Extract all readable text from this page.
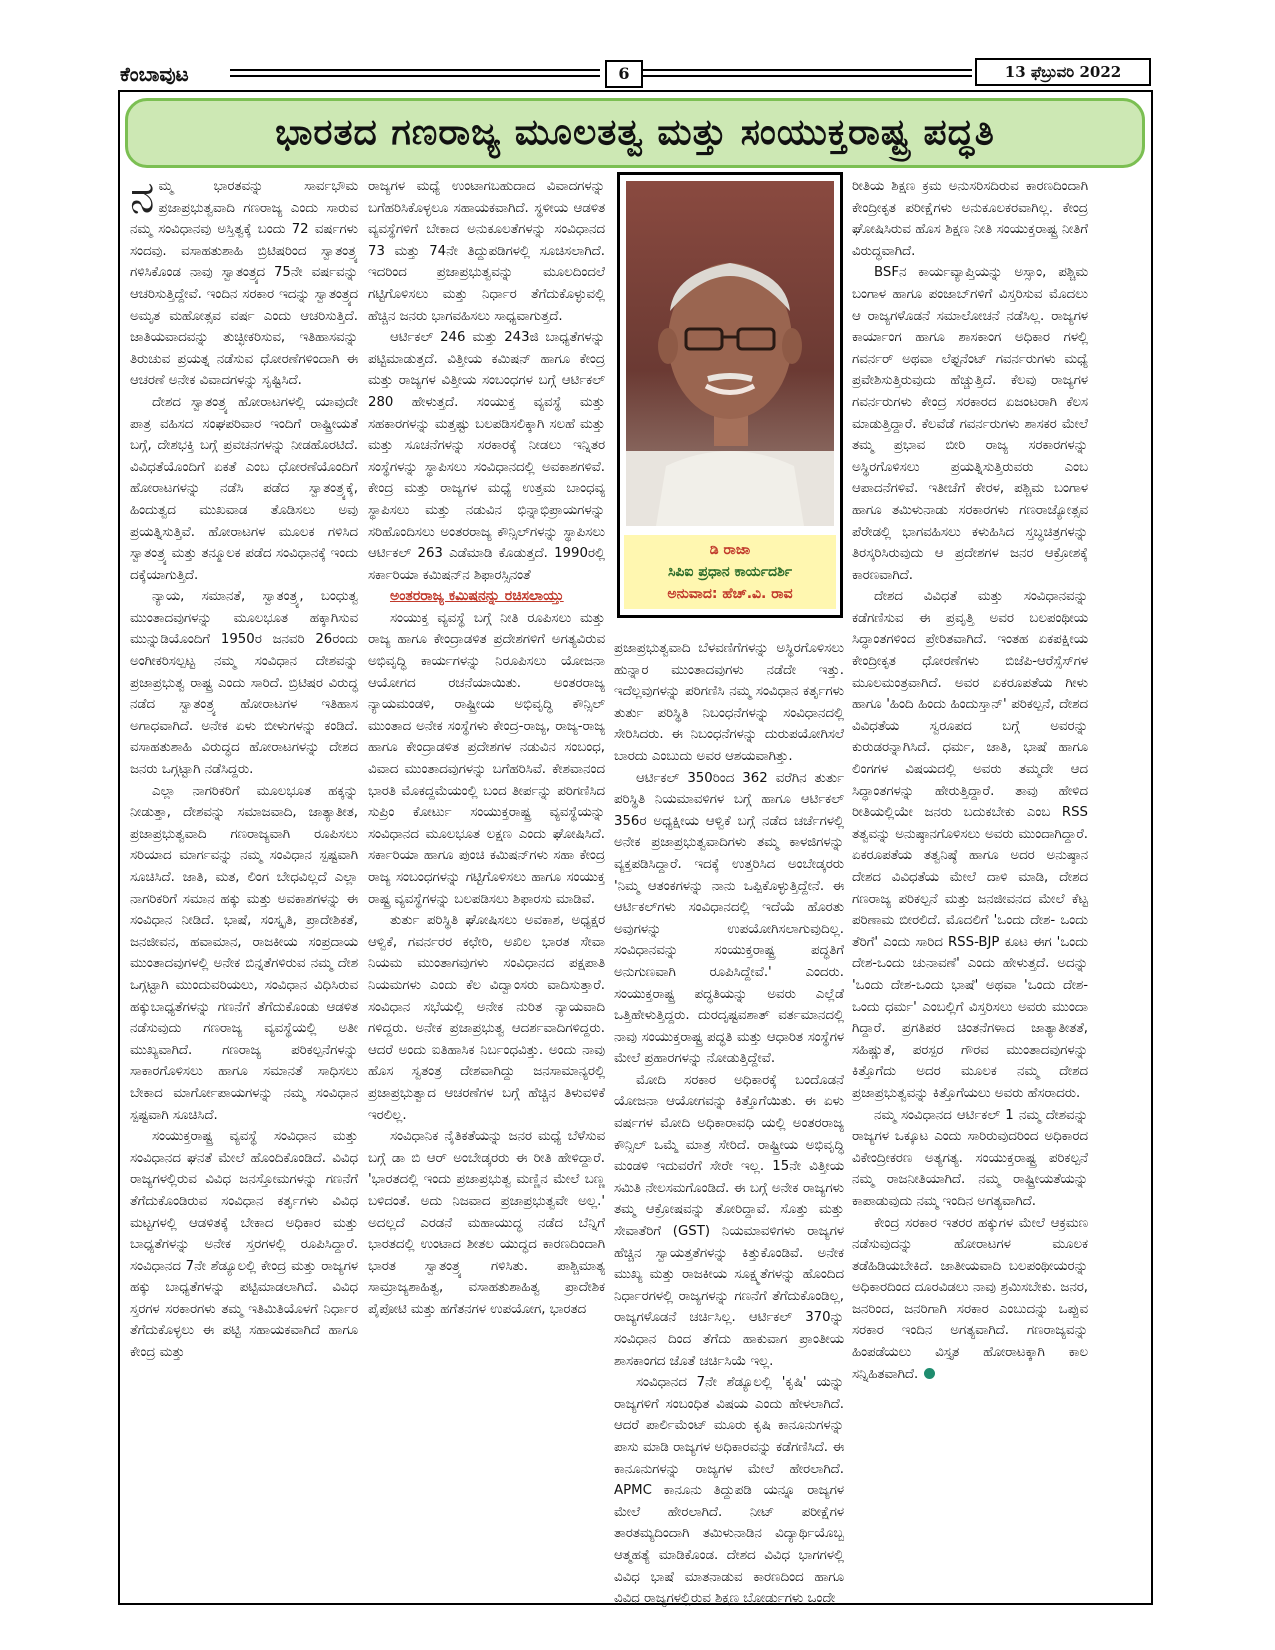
ಕೆಂಬಾವುಟ	6	13 ಫೆಬ್ರುವರಿ 2022
ಭಾರತದ ಗಣರಾಜ್ಯ ಮೂಲತತ್ವ ಮತ್ತು ಸಂಯುಕ್ತರಾಷ್ಟ್ರ ಪದ್ಧತಿ

ನಮ್ಮ ಭಾರತವನ್ನು ಸಾರ್ವಭೌಮ ಪ್ರಜಾಪ್ರಭುತ್ವವಾದಿ ಗಣರಾಜ್ಯ ಎಂದು ಸಾರುವ ನಮ್ಮ ಸಂವಿಧಾನವು ಅಸ್ತಿತ್ವಕ್ಕೆ ಬಂದು 72 ವರ್ಷಗಳು ಸಂದವು. ವಸಾಹತುಶಾಹಿ ಬ್ರಿಟಿಷರಿಂದ ಸ್ವಾತಂತ್ರ್ಯ ಗಳಿಸಿಕೊಂಡ ನಾವು ಸ್ವಾತಂತ್ರ್ಯದ 75ನೇ ವರ್ಷವನ್ನು ಆಚರಿಸುತ್ತಿದ್ದೇವೆ. ಇಂದಿನ ಸರಕಾರ ಇದನ್ನು ಸ್ವಾತಂತ್ರ್ಯದ ಅಮೃತ ಮಹೋತ್ಸವ ವರ್ಷ ಎಂದು ಆಚರಿಸುತ್ತಿದೆ. ಜಾತಿಯವಾದವನ್ನು ತುಚ್ಛೀಕರಿಸುವ, ಇತಿಹಾಸವನ್ನು ತಿರುಚುವ ಪ್ರಯತ್ನ ನಡೆಸುವ ಧೋರಣೆಗಳಿಂದಾಗಿ ಈ ಆಚರಣೆ ಅನೇಕ ವಿವಾದಗಳನ್ನು ಸೃಷ್ಟಿಸಿದೆ.

ದೇಶದ ಸ್ವಾತಂತ್ರ್ಯ ಹೋರಾಟಗಳಲ್ಲಿ ಯಾವುದೇ ಪಾತ್ರ ವಹಿಸದ ಸಂಘಪರಿವಾರ ಇಂದಿಗೆ ರಾಷ್ಟ್ರೀಯತೆ ಬಗ್ಗೆ, ದೇಶಭಕ್ತಿ ಬಗ್ಗೆ ಪ್ರವಚನಗಳನ್ನು ನೀಡಹೊರಟಿದೆ. ವಿವಿಧತೆಯೊಂದಿಗೆ ಏಕತೆ ಎಂಬ ಧೋರಣೆಯೊಂದಿಗೆ ಹೋರಾಟಗಳನ್ನು ನಡೆಸಿ ಪಡೆದ ಸ್ವಾತಂತ್ರ್ಯಕ್ಕೆ, ಹಿಂದುತ್ವದ ಮುಖವಾಡ ತೊಡಿಸಲು ಅವು ಪ್ರಯತ್ನಿಸುತ್ತಿವೆ. ಹೋರಾಟಗಳ ಮೂಲಕ ಗಳಿಸಿದ ಸ್ವಾತಂತ್ರ್ಯ ಮತ್ತು ತನ್ಮೂಲಕ ಪಡೆದ ಸಂವಿಧಾನಕ್ಕೆ ಇಂದು ದಕ್ಕೆಯಾಗುತ್ತಿದೆ.

ನ್ಯಾಯ, ಸಮಾನತೆ, ಸ್ವಾತಂತ್ರ್ಯ, ಬಂಧುತ್ವ ಮುಂತಾದವುಗಳನ್ನು ಮೂಲಭೂತ ಹಕ್ಕಾಗಿಸುವ ಮುನ್ನುಡಿಯೊಂದಿಗೆ 1950ರ ಜನವರಿ 26ರಂದು ಅಂಗೀಕರಿಸಲ್ಪಟ್ಟ ನಮ್ಮ ಸಂವಿಧಾನ ದೇಶವನ್ನು ಪ್ರಜಾಪ್ರಭುತ್ವ ರಾಷ್ಟ್ರ ಎಂದು ಸಾರಿದೆ. ಬ್ರಿಟಿಷರ ವಿರುದ್ಧ ನಡೆದ ಸ್ವಾತಂತ್ರ್ಯ ಹೋರಾಟಗಳ ಇತಿಹಾಸ ಅಗಾಧವಾಗಿದೆ. ಅನೇಕ ಏಳು ಬೀಳುಗಳನ್ನು ಕಂಡಿದೆ. ವಸಾಹತುಶಾಹಿ ವಿರುದ್ಧದ ಹೋರಾಟಗಳನ್ನು ದೇಶದ ಜನರು ಒಗ್ಗಟ್ಟಾಗಿ ನಡೆಸಿದ್ದರು.

ಎಲ್ಲಾ ನಾಗರಿಕರಿಗೆ ಮೂಲಭೂತ ಹಕ್ಕನ್ನು ನೀಡುತ್ತಾ, ದೇಶವನ್ನು ಸಮಾಜವಾದಿ, ಜಾತ್ಯಾತೀತ, ಪ್ರಜಾಪ್ರಭುತ್ವವಾದಿ ಗಣರಾಜ್ಯವಾಗಿ ರೂಪಿಸಲು ಸರಿಯಾದ ಮಾರ್ಗವನ್ನು ನಮ್ಮ ಸಂವಿಧಾನ ಸ್ಪಷ್ಟವಾಗಿ ಸೂಚಿಸಿದೆ. ಜಾತಿ, ಮತ, ಲಿಂಗ ಬೇಧವಿಲ್ಲದೆ ಎಲ್ಲಾ ನಾಗರಿಕರಿಗೆ ಸಮಾನ ಹಕ್ಕು ಮತ್ತು ಅವಕಾಶಗಳನ್ನು ಈ ಸಂವಿಧಾನ ನೀಡಿದೆ. ಭಾಷೆ, ಸಂಸ್ಕೃತಿ, ಪ್ರಾದೇಶಿಕತೆ, ಜನಜೀವನ, ಹವಾಮಾನ, ರಾಜಕೀಯ ಸಂಪ್ರದಾಯ ಮುಂತಾದವುಗಳಲ್ಲಿ ಅನೇಕ ಬಿನ್ನತೆಗಳಿರುವ ನಮ್ಮ ದೇಶ ಒಗ್ಗಟ್ಟಾಗಿ ಮುಂದುವರಿಯಲು, ಸಂವಿಧಾನ ವಿಧಿಸಿರುವ ಹಕ್ಕುಬಾಧ್ಯತೆಗಳನ್ನು ಗಣನೆಗೆ ತೆಗೆದುಕೊಂಡು ಆಡಳಿತ ನಡೆಸುವುದು ಗಣರಾಜ್ಯ ವ್ಯವಸ್ಥೆಯಲ್ಲಿ ಅತೀ ಮುಖ್ಯವಾಗಿದೆ. ಗಣರಾಜ್ಯ ಪರಿಕಲ್ಪನೆಗಳನ್ನು ಸಾಕಾರಗೊಳಿಸಲು ಹಾಗೂ ಸಮಾನತೆ ಸಾಧಿಸಲು ಬೇಕಾದ ಮಾರ್ಗೋಪಾಯಗಳನ್ನು ನಮ್ಮ ಸಂವಿಧಾನ ಸ್ಪಷ್ಟವಾಗಿ ಸೂಚಿಸಿದೆ.

ಸಂಯುಕ್ತರಾಷ್ಟ್ರ ವ್ಯವಸ್ಥೆ ಸಂವಿಧಾನ ಮತ್ತು ಸಂವಿಧಾನದ ಘನತೆ ಮೇಲೆ ಹೊಂದಿಕೊಂಡಿದೆ. ವಿವಿಧ ರಾಜ್ಯಗಳಲ್ಲಿರುವ ವಿವಿಧ ಜನಸ್ತೋಮಗಳನ್ನು ಗಣನೆಗೆ ತೆಗೆದುಕೊಂಡಿರುವ ಸಂವಿಧಾನ ಕರ್ತೃಗಳು ವಿವಿಧ ಮಟ್ಟಗಳಲ್ಲಿ ಆಡಳಿತಕ್ಕೆ ಬೇಕಾದ ಅಧಿಕಾರ ಮತ್ತು ಬಾಧ್ಯತೆಗಳನ್ನು ಅನೇಕ ಸ್ತರಗಳಲ್ಲಿ ರೂಪಿಸಿದ್ದಾರೆ. ಸಂವಿಧಾನದ 7ನೇ ಶೆಡ್ಯೂಲಲ್ಲಿ ಕೇಂದ್ರ ಮತ್ತು ರಾಜ್ಯಗಳ ಹಕ್ಕು ಬಾಧ್ಯತೆಗಳನ್ನು ಪಟ್ಟಿಮಾಡಲಾಗಿದೆ. ವಿವಿಧ ಸ್ತರಗಳ ಸರಕಾರಗಳು ತಮ್ಮ ಇತಿಮಿತಿಯೊಳಗೆ ನಿರ್ಧಾರ ತೆಗೆದುಕೊಳ್ಳಲು ಈ ಪಟ್ಟಿ ಸಹಾಯಕವಾಗಿದೆ ಹಾಗೂ ಕೇಂದ್ರ ಮತ್ತು

ರಾಜ್ಯಗಳ ಮಧ್ಯೆ ಉಂಟಾಗಬಹುದಾದ ವಿವಾದಗಳನ್ನು ಬಗೆಹರಿಸಿಕೊಳ್ಳಲೂ ಸಹಾಯಕವಾಗಿದೆ. ಸ್ಥಳೀಯ ಆಡಳಿತ ವ್ಯವಸ್ಥೆಗಳಿಗೆ ಬೇಕಾದ ಅನುಕೂಲತೆಗಳನ್ನು ಸಂವಿಧಾನದ 73 ಮತ್ತು 74ನೇ ತಿದ್ದುಪಡಿಗಳಲ್ಲಿ ಸೂಚಿಸಲಾಗಿದೆ. ಇದರಿಂದ ಪ್ರಜಾಪ್ರಭುತ್ವವನ್ನು ಮೂಲದಿಂದಲೆ ಗಟ್ಟಿಗೊಳಿಸಲು ಮತ್ತು ನಿರ್ಧಾರ ತೆಗೆದುಕೊಳ್ಳುವಲ್ಲಿ ಹೆಚ್ಚಿನ ಜನರು ಭಾಗವಹಿಸಲು ಸಾಧ್ಯವಾಗುತ್ತದೆ.

ಆರ್ಟಿಕಲ್ 246 ಮತ್ತು 243ಜಿ ಬಾಧ್ಯತೆಗಳನ್ನು ಪಟ್ಟಿಮಾಡುತ್ತದೆ. ವಿತ್ತೀಯ ಕಮಿಷನ್ ಹಾಗೂ ಕೇಂದ್ರ ಮತ್ತು ರಾಜ್ಯಗಳ ವಿತ್ತೀಯ ಸಂಬಂಧಗಳ ಬಗ್ಗೆ ಆರ್ಟಿಕಲ್ 280 ಹೇಳುತ್ತದೆ. ಸಂಯುಕ್ತ ವ್ಯವಸ್ಥೆ ಮತ್ತು ಸಹಕಾರಗಳನ್ನು ಮತ್ತಷ್ಟು ಬಲಪಡಿಸಲಿಕ್ಕಾಗಿ ಸಲಹೆ ಮತ್ತು ಮತ್ತು ಸೂಚನೆಗಳನ್ನು ಸರಕಾರಕ್ಕೆ ನೀಡಲು ಇನ್ನಿತರ ಸಂಸ್ಥೆಗಳನ್ನು ಸ್ಥಾಪಿಸಲು ಸಂವಿಧಾನದಲ್ಲಿ ಅವಕಾಶಗಳಿವೆ. ಕೇಂದ್ರ ಮತ್ತು ರಾಜ್ಯಗಳ ಮಧ್ಯೆ ಉತ್ತಮ ಬಾಂಧವ್ಯ ಸ್ಥಾಪಿಸಲು ಮತ್ತು ನಡುವಿನ ಭಿನ್ನಾಭಿಪ್ರಾಯಗಳನ್ನು ಸರಿಹೊಂದಿಸಲು ಅಂತರರಾಜ್ಯ ಕೌನ್ಸಿಲ್‌ಗಳನ್ನು ಸ್ಥಾಪಿಸಲು ಆರ್ಟಿಕಲ್ 263 ಎಡೆಮಾಡಿ ಕೊಡುತ್ತದೆ. 1990ರಲ್ಲಿ ಸರ್ಕಾರಿಯಾ ಕಮಿಷನ್‌ನ ಶಿಫಾರಸ್ಸಿನಂತೆ

ಅಂತರರಾಜ್ಯ ಕಮಿಷನನ್ನು ರಚಿಸಲಾಯ್ತು

ಸಂಯುಕ್ತ ವ್ಯವಸ್ಥೆ ಬಗ್ಗೆ ನೀತಿ ರೂಪಿಸಲು ಮತ್ತು ರಾಜ್ಯ ಹಾಗೂ ಕೇಂದ್ರಾಡಳಿತ ಪ್ರದೇಶಗಳಿಗೆ ಅಗತ್ಯವಿರುವ ಅಭಿವೃದ್ಧಿ ಕಾರ್ಯಗಳನ್ನು ನಿರೂಪಿಸಲು ಯೋಜನಾ ಆಯೋಗದ ರಚನೆಯಾಯಿತು. ಅಂತರರಾಜ್ಯ ನ್ಯಾಯಮಂಡಳಿ, ರಾಷ್ಟ್ರೀಯ ಅಭಿವೃದ್ಧಿ ಕೌನ್ಸಿಲ್ ಮುಂತಾದ ಅನೇಕ ಸಂಸ್ಥೆಗಳು ಕೇಂದ್ರ-ರಾಜ್ಯ, ರಾಜ್ಯ-ರಾಜ್ಯ ಹಾಗೂ ಕೇಂದ್ರಾಡಳಿತ ಪ್ರದೇಶಗಳ ನಡುವಿನ ಸಂಬಂಧ, ವಿವಾದ ಮುಂತಾದವುಗಳನ್ನು ಬಗೆಹರಿಸಿವೆ. ಕೇಶವಾನಂದ ಭಾರತಿ ಮೊಕದ್ದಮೆಯಂಲ್ಲಿ ಬಂದ ತೀರ್ಪನ್ನು ಪರಿಗಣಿಸಿದ ಸುಪ್ರಿಂ ಕೋರ್ಟು ಸಂಯುಕ್ತರಾಷ್ಟ್ರ ವ್ಯವಸ್ಥೆಯನ್ನು ಸಂವಿಧಾನದ ಮೂಲಭೂತ ಲಕ್ಷಣ ಎಂದು ಘೋಷಿಸಿದೆ. ಸರ್ಕಾರಿಯಾ ಹಾಗೂ ಪುಂಚಿ ಕಮಿಷನ್‌ಗಳು ಸಹಾ ಕೇಂದ್ರ ರಾಜ್ಯ ಸಂಬಂಧಗಳನ್ನು ಗಟ್ಟಿಗೊಳಿಸಲು ಹಾಗೂ ಸಂಯುಕ್ತ ರಾಷ್ಟ್ರ ವ್ಯವಸ್ಥೆಗಳನ್ನು ಬಲಪಡಿಸಲು ಶಿಫಾರಸು ಮಾಡಿವೆ.

ತುರ್ತು ಪರಿಸ್ಥಿತಿ ಘೋಷಿಸಲು ಅವಕಾಶ, ಅಧ್ಯಕ್ಷರ ಆಳ್ವಿಕೆ, ಗವರ್ನರರ ಕಛೇರಿ, ಅಖಿಲ ಭಾರತ ಸೇವಾ ನಿಯಮ ಮುಂತಾಗವುಗಳು ಸಂವಿಧಾನದ ಪಕ್ಷಪಾತಿ ನಿಯಮಗಳು ಎಂದು ಕೆಲ ವಿದ್ವಾಂಸರು ವಾದಿಸುತ್ತಾರೆ. ಸಂವಿಧಾನ ಸಭೆಯಲ್ಲಿ ಅನೇಕ ನುರಿತ ನ್ಯಾಯವಾದಿ ಗಳಿದ್ದರು. ಅನೇಕ ಪ್ರಜಾಪ್ರಭುತ್ವ ಆದರ್ಶವಾದಿಗಳಿದ್ದರು. ಆದರೆ ಅಂದು ಐತಿಹಾಸಿಕ ನಿರ್ಬಂಧವಿತ್ತು. ಅಂದು ನಾವು ಹೊಸ ಸ್ವತಂತ್ರ ದೇಶವಾಗಿದ್ದು ಜನಸಾಮಾನ್ಯರಲ್ಲಿ ಪ್ರಜಾಪ್ರಭುತ್ವಾದ ಆಚರಣೆಗಳ ಬಗ್ಗೆ ಹೆಚ್ಚಿನ ತಿಳುವಳಿಕೆ ಇರಲಿಲ್ಲ.

ಸಂವಿಧಾನಿಕ ನೈತಿಕತೆಯನ್ನು ಜನರ ಮಧ್ಯೆ ಬೆಳೆಸುವ ಬಗ್ಗೆ ಡಾ ಬಿ ಆರ್ ಅಂಬೇಡ್ಕರರು ಈ ರೀತಿ ಹೇಳಿದ್ದಾರೆ. 'ಭಾರತದಲ್ಲಿ ಇಂದು ಪ್ರಜಾಪ್ರಭುತ್ವ ಮಣ್ಣಿನ ಮೇಲೆ ಬಣ್ಣ ಬಳಿದಂತೆ. ಅದು ನಿಜವಾದ ಪ್ರಜಾಪ್ರಭುತ್ವವೇ ಅಲ್ಲ.' ಅದಲ್ಲದೆ ಎರಡನೆ ಮಹಾಯುದ್ಧ ನಡೆದ ಬೆನ್ನಿಗೆ ಭಾರತದಲ್ಲಿ ಉಂಟಾದ ಶೀತಲ ಯುದ್ಧದ ಕಾರಣದಿಂದಾಗಿ ಭಾರತ ಸ್ವಾತಂತ್ರ್ಯ ಗಳಿಸಿತು. ಪಾಶ್ಚಿಮಾತ್ಯ ಸಾಮ್ರಾಜ್ಯಶಾಹಿತ್ವ, ವಸಾಹತುಶಾಹಿತ್ವ ಪ್ರಾದೇಶಿಕ ಪೈಪೋಟಿ ಮತ್ತು ಹಗೆತನಗಳ ಉಪಯೋಗ, ಭಾರತದ

ಡಿ ರಾಜಾ
ಸಿಪಿಐ ಪ್ರಧಾನ ಕಾರ್ಯದರ್ಶಿ
ಅನುವಾದ: ಹೆಚ್.ವಿ. ರಾವ

ಪ್ರಜಾಪ್ರಭುತ್ವವಾದಿ ಬೆಳವಣಿಗೆಗಳನ್ನು ಅಸ್ಥಿರಗೊಳಿಸಲು ಹುನ್ನಾರ ಮುಂತಾದವುಗಳು ನಡೆದೇ ಇತ್ತು. ಇದೆಲ್ಲವುಗಳನ್ನು ಪರಿಗಣಿಸಿ ನಮ್ಮ ಸಂವಿಧಾನ ಕರ್ತೃಗಳು ತುರ್ತು ಪರಿಸ್ಥಿತಿ ನಿಬಂಧನೆಗಳನ್ನು ಸಂವಿಧಾನದಲ್ಲಿ ಸೇರಿಸಿದರು. ಈ ನಿಬಂಧನೆಗಳನ್ನು ದುರುಪಯೋಗಿಸಲೆ ಬಾರದು ಎಂಬುದು ಅವರ ಆಶಯವಾಗಿತ್ತು.

ಆರ್ಟಿಕಲ್ 350ರಿಂದ 362 ವರೆಗಿನ ತುರ್ತು ಪರಿಸ್ಥಿತಿ ನಿಯಮಾವಳಿಗಳ ಬಗ್ಗೆ ಹಾಗೂ ಆರ್ಟಿಕಲ್ 356ರ ಅಧ್ಯಕ್ಷೀಯ ಆಳ್ವಿಕೆ ಬಗ್ಗೆ ನಡೆದ ಚರ್ಚೆಗಳಲ್ಲಿ ಅನೇಕ ಪ್ರಜಾಪ್ರಭುತ್ವವಾದಿಗಳು ತಮ್ಮ ಕಾಳಜಿಗಳನ್ನು ವ್ಯಕ್ತಪಡಿಸಿದ್ದಾರೆ. ಇದಕ್ಕೆ ಉತ್ತರಿಸಿದ ಅಂಬೇಡ್ಕರರು 'ನಿಮ್ಮ ಆತಂಕಗಳನ್ನು ನಾನು ಒಪ್ಪಿಕೊಳ್ಳುತ್ತಿದ್ದೇನೆ. ಈ ಆರ್ಟಿಕಲ್‌ಗಳು ಸಂವಿಧಾನದಲ್ಲಿ ಇದೆಯೆ ಹೊರತು ಅವುಗಳನ್ನು ಉಪಯೋಗಿಸಲಾಗುವುದಿಲ್ಲ. ಸಂವಿಧಾನವನ್ನು ಸಂಯುಕ್ತರಾಷ್ಟ್ರ ಪದ್ಧತಿಗೆ ಅನುಗುಣವಾಗಿ ರೂಪಿಸಿದ್ದೇವೆ.' ಎಂದರು. ಸಂಯುಕ್ತರಾಷ್ಟ್ರ ಪದ್ಧತಿಯನ್ನು ಅವರು ಎಲ್ಲೆಡೆ ಒತ್ತಿಹೇಳುತ್ತಿದ್ದರು. ದುರದೃಷ್ಟವಶಾತ್ ವರ್ತಮಾನದಲ್ಲಿ ನಾವು ಸಂಯುಕ್ತರಾಷ್ಟ್ರ ಪದ್ಧತಿ ಮತ್ತು ಆಧಾರಿತ ಸಂಸ್ಥೆಗಳ ಮೇಲೆ ಪ್ರಹಾರಗಳನ್ನು ನೋಡುತ್ತಿದ್ದೇವೆ.

ಮೋದಿ ಸರಕಾರ ಅಧಿಕಾರಕ್ಕೆ ಬಂದೊಡನೆ ಯೋಜನಾ ಆಯೋಗವನ್ನು ಕಿತ್ತೊಗೆಯಿತು. ಈ ಏಳು ವರ್ಷಗಳ ಮೋದಿ ಅಧಿಕಾರಾವಧಿ ಯಲ್ಲಿ ಅಂತರರಾಜ್ಯ ಕೌನ್ಸಿಲ್ ಒಮ್ಮೆ ಮಾತ್ರ ಸೇರಿದೆ. ರಾಷ್ಟ್ರೀಯ ಅಭಿವೃದ್ಧಿ ಮಂಡಳಿ ಇದುವರೆಗೆ ಸೇರೇ ಇಲ್ಲ. 15ನೇ ವಿತ್ತೀಯ ಸಮಿತಿ ನೇಲಸಮಗೊಂಡಿದೆ. ಈ ಬಗ್ಗೆ ಅನೇಕ ರಾಜ್ಯಗಳು ತಮ್ಮ ಆಕ್ರೋಷವನ್ನು ತೋರಿದ್ದಾವೆ. ಸೊತ್ತು ಮತ್ತು ಸೇವಾತೆರಿಗೆ (GST) ನಿಯಮಾವಳಿಗಳು ರಾಜ್ಯಗಳ ಹೆಚ್ಚಿನ ಸ್ವಾಯತ್ತತೆಗಳನ್ನು ಕಿತ್ತುಕೊಂಡಿವೆ. ಅನೇಕ ಮುಖ್ಯ ಮತ್ತು ರಾಜಕೀಯ ಸೂಕ್ಷ್ಮತೆಗಳನ್ನು ಹೊಂದಿದ ನಿರ್ಧಾರಗಳಲ್ಲಿ ರಾಜ್ಯಗಳನ್ನು ಗಣನೆಗೆ ತೆಗೆದುಕೊಂಡಿಲ್ಲ, ರಾಜ್ಯಗಳೊಡನೆ ಚರ್ಚಿಸಿಲ್ಲ. ಆರ್ಟಿಕಲ್ 370ನ್ನು ಸಂವಿಧಾನ ದಿಂದ ತೆಗೆದು ಹಾಕುವಾಗ ಪ್ರಾಂತೀಯ ಶಾಸಕಾಂಗದ ಜೊತೆ ಚರ್ಚಿಸಿಯೆ ಇಲ್ಲ.

ಸಂವಿಧಾನದ 7ನೇ ಶೆಡ್ಯೂಲಲ್ಲಿ 'ಕೃಷಿ' ಯನ್ನು ರಾಜ್ಯಗಳಿಗೆ ಸಂಬಂಧಿತ ವಿಷಯ ಎಂದು ಹೇಳಲಾಗಿದೆ. ಆದರೆ ಪಾರ್ಲಿಮೆಂಟ್ ಮೂರು ಕೃಷಿ ಕಾನೂನುಗಳನ್ನು ಪಾಸು ಮಾಡಿ ರಾಜ್ಯಗಳ ಅಧಿಕಾರವನ್ನು ಕಡೆಗಣಿಸಿದೆ. ಈ ಕಾನೂನುಗಳನ್ನು ರಾಜ್ಯಗಳ ಮೇಲೆ ಹೇರಲಾಗಿದೆ. APMC ಕಾನೂನು ತಿದ್ದುಪಡಿ ಯನ್ನೂ ರಾಜ್ಯಗಳ ಮೇಲೆ ಹೇರಲಾಗಿದೆ. ನೀಟ್ ಪರೀಕ್ಷೆಗಳ ತಾರತಮ್ಯದಿಂದಾಗಿ ತಮಿಳುನಾಡಿನ ವಿದ್ಯಾರ್ಥಿಯೊಬ್ಬ ಆತ್ಮಹತ್ಯೆ ಮಾಡಿಕೊಂಡ. ದೇಶದ ವಿವಿಧ ಭಾಗಗಳಲ್ಲಿ ವಿವಿಧ ಭಾಷೆ ಮಾತನಾಡುವ ಕಾರಣದಿಂದ ಹಾಗೂ ವಿವಿಧ ರಾಜ್ಯಗಳಲ್ಲಿರುವ ಶಿಕ್ಷಣ ಬೋರ್ಡುಗಳು ಒಂದೇ

ರೀತಿಯ ಶಿಕ್ಷಣ ಕ್ರಮ ಅನುಸರಿಸದಿರುವ ಕಾರಣದಿಂದಾಗಿ ಕೇಂದ್ರೀಕೃತ ಪರೀಕ್ಷೆಗಳು ಅನುಕೂಲಕರವಾಗಿಲ್ಲ. ಕೇಂದ್ರ ಘೋಷಿಸಿರುವ ಹೊಸ ಶಿಕ್ಷಣ ನೀತಿ ಸಂಯುಕ್ತರಾಷ್ಟ್ರ ನೀತಿಗೆ ವಿರುದ್ಧವಾಗಿದೆ.

BSFನ ಕಾರ್ಯವ್ಯಾಪ್ತಿಯನ್ನು ಅಸ್ಸಾಂ, ಪಶ್ಚಿಮ ಬಂಗಾಳ ಹಾಗೂ ಪಂಜಾಬ್‌ಗಳಿಗೆ ವಿಸ್ತರಿಸುವ ಮೊದಲು ಆ ರಾಜ್ಯಗಳೊಡನೆ ಸಮಾಲೋಚನೆ ನಡೆಸಿಲ್ಲ. ರಾಜ್ಯಗಳ ಕಾರ್ಯಾಂಗ ಹಾಗೂ ಶಾಸಕಾಂಗ ಅಧಿಕಾರ ಗಳಲ್ಲಿ ಗವರ್ನರ್ ಅಥವಾ ಲೆಫ್ಟನೆಂಟ್ ಗವರ್ನರುಗಳು ಮಧ್ಯೆ ಪ್ರವೇಶಿಸುತ್ತಿರುವುದು ಹೆಚ್ಚುತ್ತಿದೆ. ಕೆಲವು ರಾಜ್ಯಗಳ ಗವರ್ನರುಗಳು ಕೇಂದ್ರ ಸರಕಾರದ ಏಜಂಟರಾಗಿ ಕೆಲಸ ಮಾಡುತ್ತಿದ್ದಾರೆ. ಕೆಲವೆಡೆ ಗವರ್ನರುಗಳು ಶಾಸಕರ ಮೇಲೆ ತಮ್ಮ ಪ್ರಭಾವ ಬೀರಿ ರಾಜ್ಯ ಸರಕಾರಗಳನ್ನು ಅಸ್ಥಿರಗೊಳಿಸಲು ಪ್ರಯತ್ನಿಸುತ್ತಿರುವರು ಎಂಬ ಆಪಾದನೆಗಳಿವೆ. ಇತೀಚೆಗೆ ಕೇರಳ, ಪಶ್ಚಿಮ ಬಂಗಾಳ ಹಾಗೂ ತಮಿಳುನಾಡು ಸರಕಾರಗಳು ಗಣರಾಜ್ಯೋತ್ಸವ ಪೆರೇಡಲ್ಲಿ ಭಾಗವಹಿಸಲು ಕಳುಹಿಸಿದ ಸ್ತಬ್ಧಚಿತ್ರಗಳನ್ನು ತಿರಸ್ಕರಿಸಿರುವುದು ಆ ಪ್ರದೇಶಗಳ ಜನರ ಆಕ್ರೋಶಕ್ಕೆ ಕಾರಣವಾಗಿದೆ.

ದೇಶದ ವಿವಿಧತೆ ಮತ್ತು ಸಂವಿಧಾನವನ್ನು ಕಡೆಗಣಿಸುವ ಈ ಪ್ರವೃತ್ತಿ ಅವರ ಬಲಪಂಥೀಯ ಸಿದ್ಧಾಂತಗಳಿಂದ ಪ್ರೇರಿತವಾಗಿದೆ. ಇಂತಹ ಏಕಪಕ್ಷೀಯ ಕೇಂದ್ರೀಕೃತ ಧೋರಣೆಗಳು ಬಿಜೆಪಿ-ಆರೆಸ್ಸೆಸ್‌ಗಳ ಮೂಲಮಂತ್ರವಾಗಿದೆ. ಅವರ ಏಕರೂಪತೆಯ ಗೀಳು ಹಾಗೂ 'ಹಿಂದಿ ಹಿಂದು ಹಿಂದುಸ್ತಾನ್' ಪರಿಕಲ್ಪನೆ, ದೇಶದ ವಿವಿಧತೆಯ ಸ್ವರೂಪದ ಬಗ್ಗೆ ಅವರನ್ನು ಕುರುಡರನ್ನಾಗಿಸಿದೆ. ಧರ್ಮ, ಜಾತಿ, ಭಾಷೆ ಹಾಗೂ ಲಿಂಗಗಳ ವಿಷಯದಲ್ಲಿ ಅವರು ತಮ್ಮದೇ ಆದ ಸಿದ್ಧಾಂತಗಳನ್ನು ಹೇರುತ್ತಿದ್ದಾರೆ. ತಾವು ಹೇಳಿದ ರೀತಿಯಲ್ಲಿಯೇ ಜನರು ಬದುಕಬೇಕು ಎಂಬ RSS ತತ್ವವನ್ನು ಅನುಷ್ಠಾನಗೊಳಿಸಲು ಅವರು ಮುಂದಾಗಿದ್ದಾರೆ. ಏಕರೂಪತೆಯ ತತ್ವನಿಷ್ಠೆ ಹಾಗೂ ಅದರ ಅನುಷ್ಠಾನ ದೇಶದ ವಿವಿಧತೆಯ ಮೇಲೆ ದಾಳಿ ಮಾಡಿ, ದೇಶದ ಗಣರಾಜ್ಯ ಪರಿಕಲ್ಪನೆ ಮತ್ತು ಜನಜೀವನದ ಮೇಲೆ ಕೆಟ್ಟ ಪರಿಣಾಮ ಬೀರಲಿದೆ. ಮೊದಲಿಗೆ 'ಒಂದು ದೇಶ- ಒಂದು ತೆರಿಗೆ' ಎಂದು ಸಾರಿದ RSS-BJP ಕೂಟ ಈಗ 'ಒಂದು ದೇಶ-ಒಂದು ಚುನಾವಣೆ' ಎಂದು ಹೇಳುತ್ತದೆ. ಅದನ್ನು 'ಒಂದು ದೇಶ-ಒಂದು ಭಾಷೆ' ಅಥವಾ 'ಒಂದು ದೇಶ-ಒಂದು ಧರ್ಮ' ಎಂಬಲ್ಲಿಗೆ ವಿಸ್ತರಿಸಲು ಅವರು ಮುಂದಾ ಗಿದ್ದಾರೆ. ಪ್ರಗತಿಪರ ಚಿಂತನೆಗಳಾದ ಜಾತ್ಯಾತೀತತೆ, ಸಹಿಷ್ಣುತೆ, ಪರಸ್ಪರ ಗೌರವ ಮುಂತಾದವುಗಳನ್ನು ಕಿತ್ತೊಗೆದು ಅದರ ಮೂಲಕ ನಮ್ಮ ದೇಶದ ಪ್ರಜಾಪ್ರಭುತ್ವವನ್ನು ಕಿತ್ತೊಗೆಯಲು ಅವರು ಹೆಸರಾದರು.

ನಮ್ಮ ಸಂವಿಧಾನದ ಆರ್ಟಿಕಲ್ 1 ನಮ್ಮ ದೇಶವನ್ನು ರಾಜ್ಯಗಳ ಒಕ್ಕೂಟ ಎಂದು ಸಾರಿರುವುದರಿಂದ ಅಧಿಕಾರದ ವಿಕೇಂದ್ರೀಕರಣ ಅತ್ಯಗತ್ಯ. ಸಂಯುಕ್ತರಾಷ್ಟ್ರ ಪರಿಕಲ್ಪನೆ ನಮ್ಮ ರಾಜನೀತಿಯಾಗಿದೆ. ನಮ್ಮ ರಾಷ್ಟ್ರೀಯತೆಯನ್ನು ಕಾಪಾಡುವುದು ನಮ್ಮ ಇಂದಿನ ಅಗತ್ಯವಾಗಿದೆ.

ಕೇಂದ್ರ ಸರಕಾರ ಇತರರ ಹಕ್ಕುಗಳ ಮೇಲೆ ಆಕ್ರಮಣ ನಡೆಸುವುದನ್ನು ಹೋರಾಟಗಳ ಮೂಲಕ ತಡೆಹಿಡಿಯಬೇಕಿದೆ. ಜಾತೀಯವಾದಿ ಬಲಪಂಥೀಯರನ್ನು ಅಧಿಕಾರದಿಂದ ದೂರವಿಡಲು ನಾವು ಶ್ರಮಿಸಬೇಕು. ಜನರ, ಜನರಿಂದ, ಜನರಿಗಾಗಿ ಸರಕಾರ ಎಂಬುದನ್ನು ಒಪ್ಪುವ ಸರಕಾರ ಇಂದಿನ ಅಗತ್ಯವಾಗಿದೆ. ಗಣರಾಜ್ಯವನ್ನು ಹಿಂಪಡೆಯಲು ವಿಸ್ತೃತ ಹೋರಾಟಕ್ಕಾಗಿ ಕಾಲ ಸನ್ನಿಹಿತವಾಗಿದೆ.
